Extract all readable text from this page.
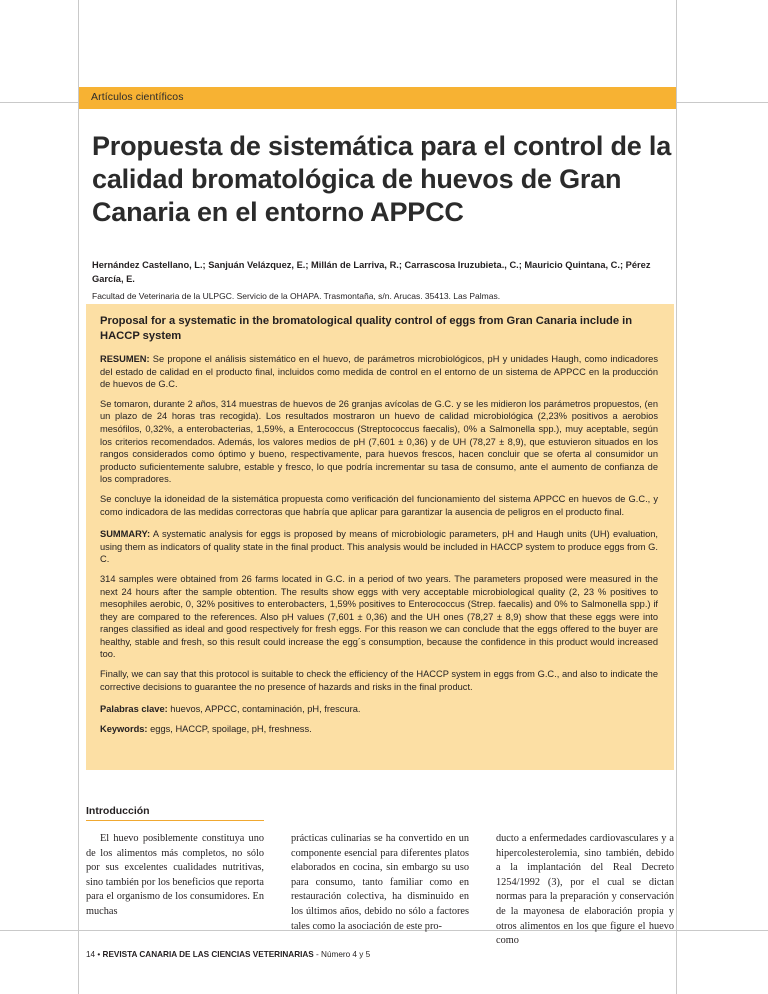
Artículos científicos
Propuesta de sistemática para el control de la calidad bromatológica de huevos de Gran Canaria en el entorno APPCC
Hernández Castellano, L.; Sanjuán Velázquez, E.; Millán de Larriva, R.; Carrascosa Iruzubieta., C.; Mauricio Quintana, C.; Pérez García, E.
Facultad de Veterinaria de la ULPGC. Servicio de la OHAPA. Trasmontaña, s/n. Arucas. 35413. Las Palmas.
Proposal for a systematic in the bromatological quality control of eggs from Gran Canaria include in HACCP system

RESUMEN: Se propone el análisis sistemático en el huevo, de parámetros microbiológicos, pH y unidades Haugh, como indicadores del estado de calidad en el producto final, incluidos como medida de control en el entorno de un sistema de APPCC en la producción de huevos de G.C.

Se tomaron, durante 2 años, 314 muestras de huevos de 26 granjas avícolas de G.C. y se les midieron los parámetros propuestos, (en un plazo de 24 horas tras recogida). Los resultados mostraron un huevo de calidad microbiológica (2,23% positivos a aerobios mesófilos, 0,32%, a enterobacterias, 1,59%, a Enterococcus (Streptococcus faecalis), 0% a Salmonella spp.), muy aceptable, según los criterios recomendados. Además, los valores medios de pH (7,601 ± 0,36) y de UH (78,27 ± 8,9), que estuvieron situados en los rangos considerados como óptimo y bueno, respectivamente, para huevos frescos, hacen concluir que se oferta al consumidor un producto suficientemente salubre, estable y fresco, lo que podría incrementar su tasa de consumo, ante el aumento de confianza de los compradores.

Se concluye la idoneidad de la sistemática propuesta como verificación del funcionamiento del sistema APPCC en huevos de G.C., y como indicadora de las medidas correctoras que habría que aplicar para garantizar la ausencia de peligros en el producto final.

SUMMARY: A systematic analysis for eggs is proposed by means of microbiologic parameters, pH and Haugh units (UH) evaluation, using them as indicators of quality state in the final product. This analysis would be included in HACCP system to produce eggs from G. C.

314 samples were obtained from 26 farms located in G.C. in a period of two years. The parameters proposed were measured in the next 24 hours after the sample obtention. The results show eggs with very acceptable microbiological quality (2, 23 % positives to mesophiles aerobic, 0, 32% positives to enterobacters, 1,59% positives to Enterococcus (Strep. faecalis) and 0% to Salmonella spp.) if they are compared to the references. Also pH values (7,601 ± 0,36) and the UH ones (78,27 ± 8,9) show that these eggs were into ranges classified as ideal and good respectively for fresh eggs. For this reason we can conclude that the eggs offered to the buyer are healthy, stable and fresh, so this result could increase the egg´s consumption, because the confidence in this product would increased too.

Finally, we can say that this protocol is suitable to check the efficiency of the HACCP system in eggs from G.C., and also to indicate the corrective decisions to guarantee the no presence of hazards and risks in the final product.

Palabras clave: huevos, APPCC, contaminación, pH, frescura.

Keywords: eggs, HACCP, spoilage, pH, freshness.

Introducción
El huevo posiblemente constituya uno de los alimentos más completos, no sólo por sus excelentes cualidades nutritivas, sino también por los beneficios que reporta para el organismo de los consumidores. En muchas
prácticas culinarias se ha convertido en un componente esencial para diferentes platos elaborados en cocina, sin embargo su uso para consumo, tanto familiar como en restauración colectiva, ha disminuido en los últimos años, debido no sólo a factores tales como la asociación de este pro-
ducto a enfermedades cardiovasculares y a hipercolesterolemia, sino también, debido a la implantación del Real Decreto 1254/1992 (3), por el cual se dictan normas para la preparación y conservación de la mayonesa de elaboración propia y otros alimentos en los que figure el huevo como
14 • REVISTA CANARIA DE LAS CIENCIAS VETERINARIAS - Número 4 y 5
